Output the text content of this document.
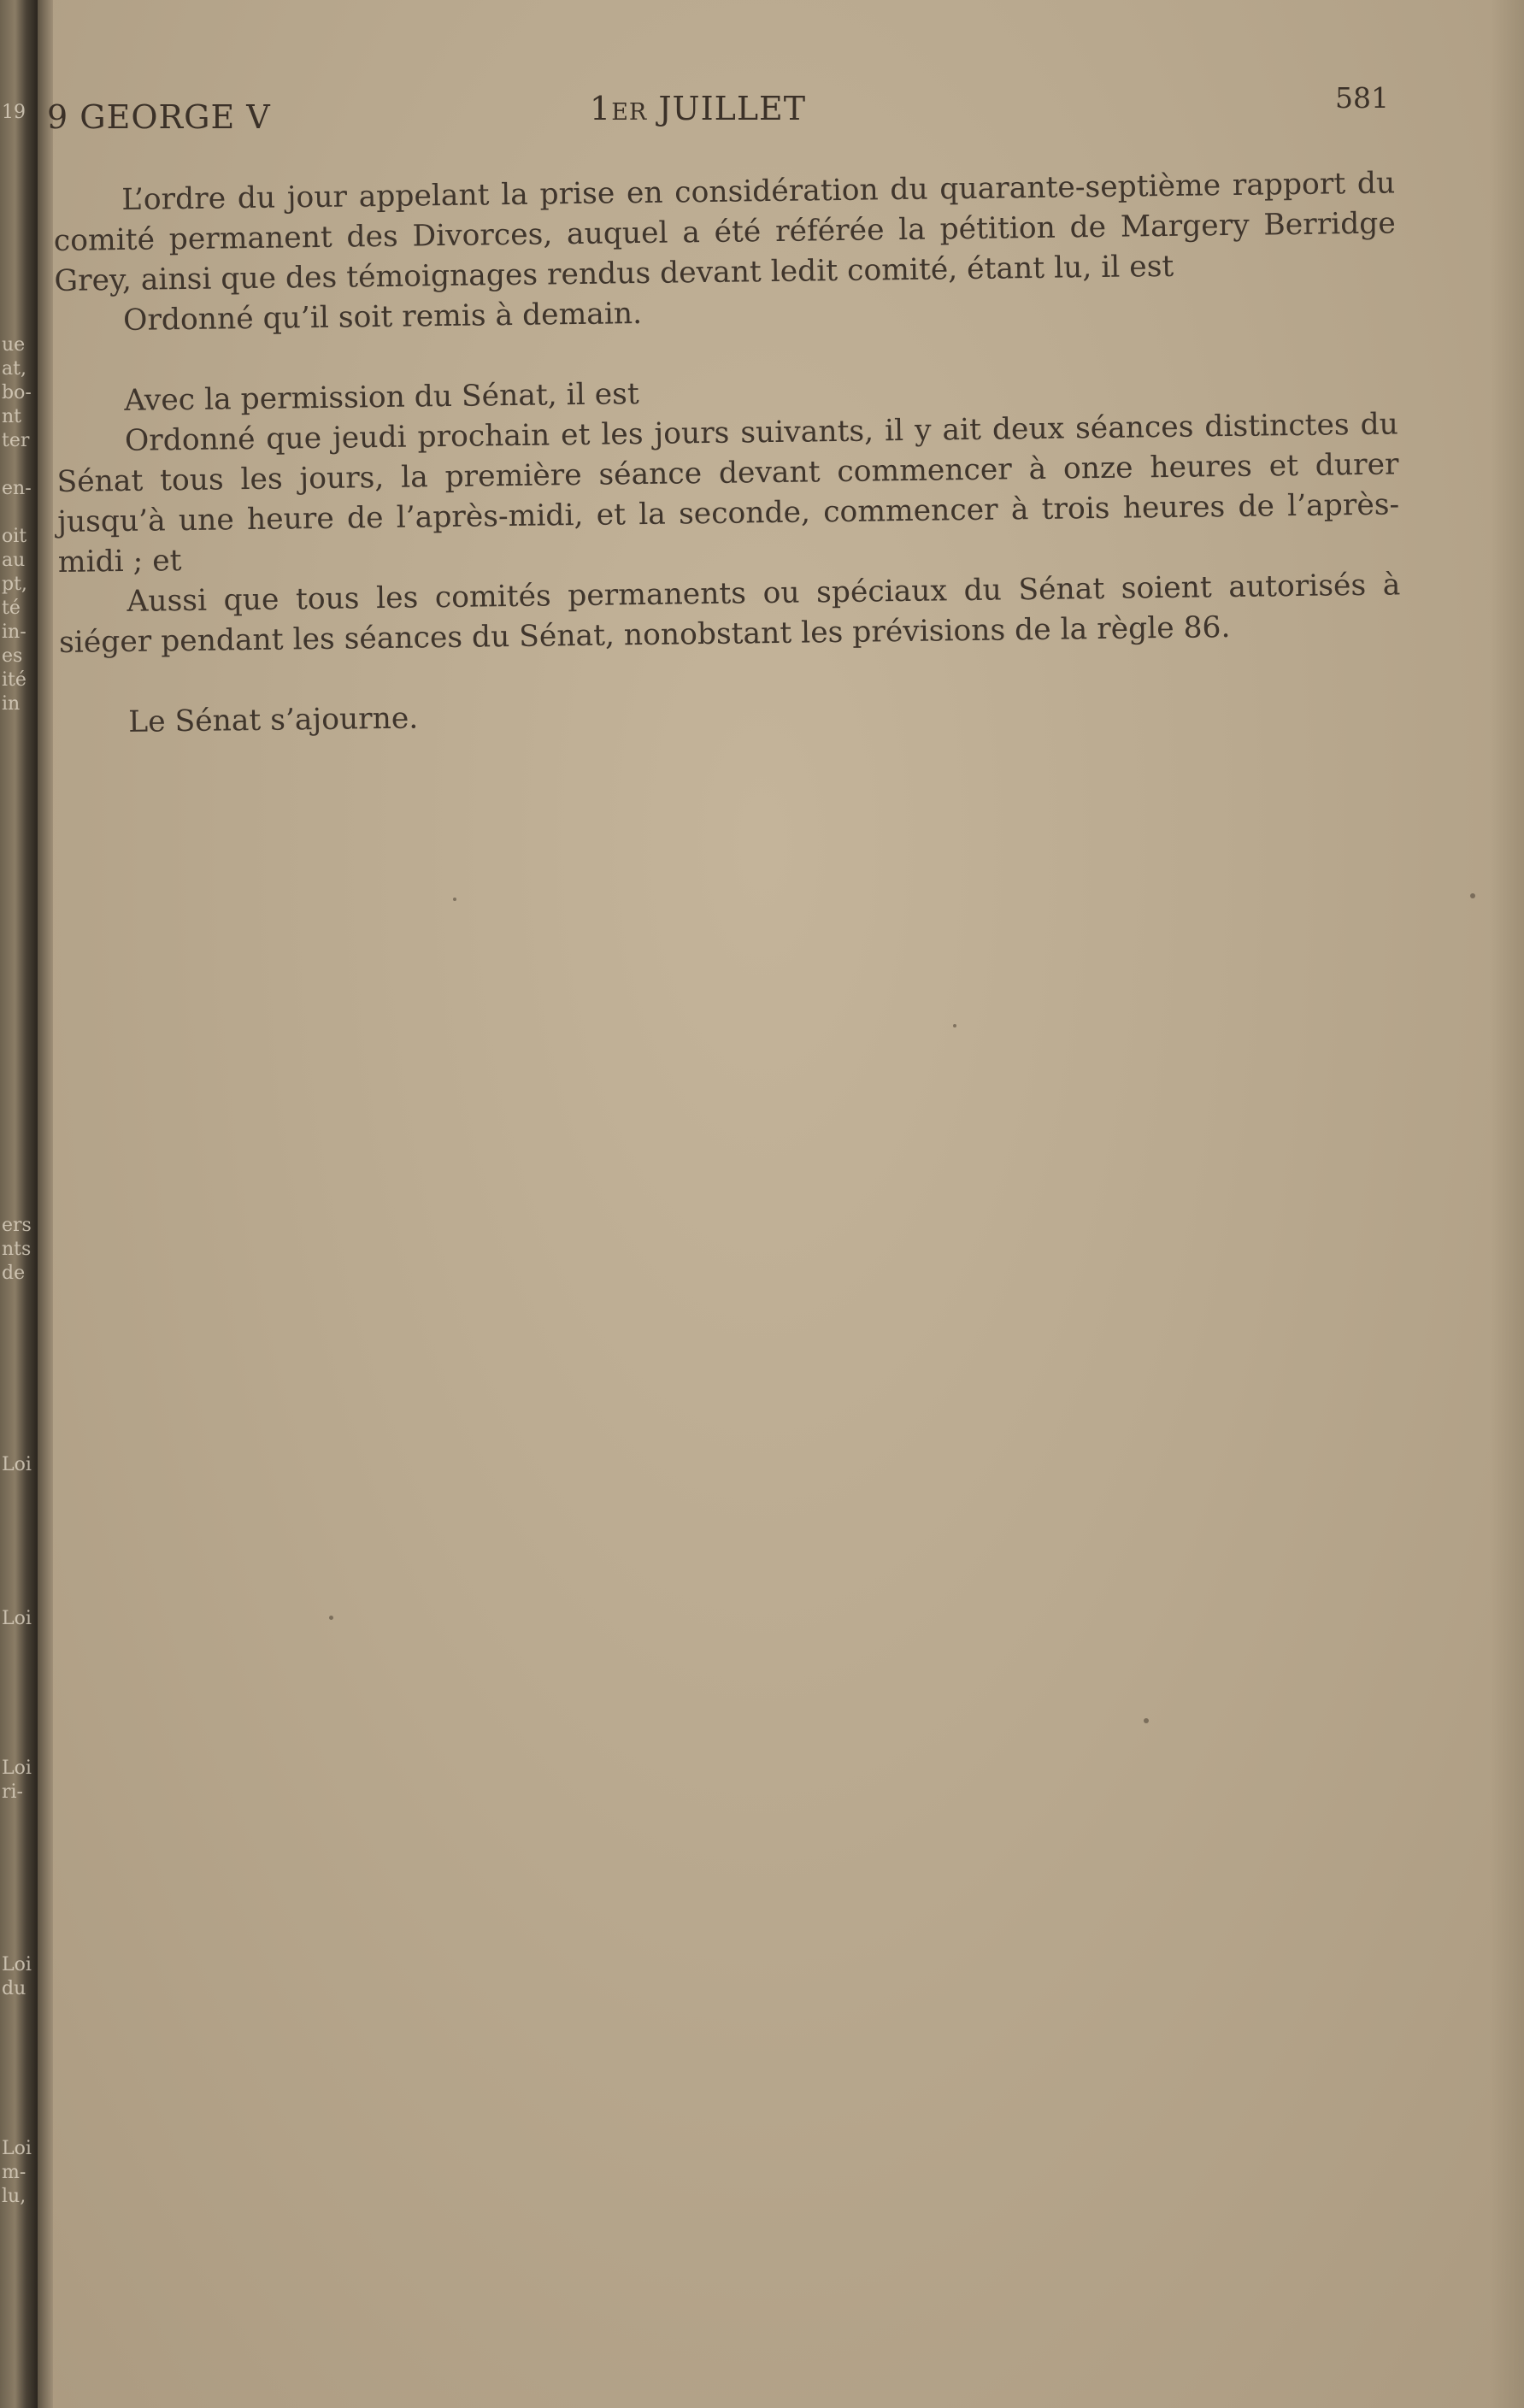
19
ue
at,
bo-
nt
ter

en-

oit
au
pt,
té
in-
es
ité
in
ers
nts
de
Loi
Loi
Loi
ri-
Loi
du
Loi
m-
lu,
9 GEORGE V	1ER JUILLET	581

L’ordre du jour appelant la prise en considération du quarante-septième rapport du comité permanent des Divorces, auquel a été référée la pétition de Margery Berridge Grey, ainsi que des témoignages rendus devant ledit comité, étant lu, il est

Ordonné qu’il soit remis à demain.

Avec la permission du Sénat, il est

Ordonné que jeudi prochain et les jours suivants, il y ait deux séances distinctes du Sénat tous les jours, la première séance devant commencer à onze heures et durer jusqu’à une heure de l’après-midi, et la seconde, commencer à trois heures de l’après-midi ; et

Aussi que tous les comités permanents ou spéciaux du Sénat soient autorisés à siéger pendant les séances du Sénat, nonobstant les prévisions de la règle 86.

Le Sénat s’ajourne.
